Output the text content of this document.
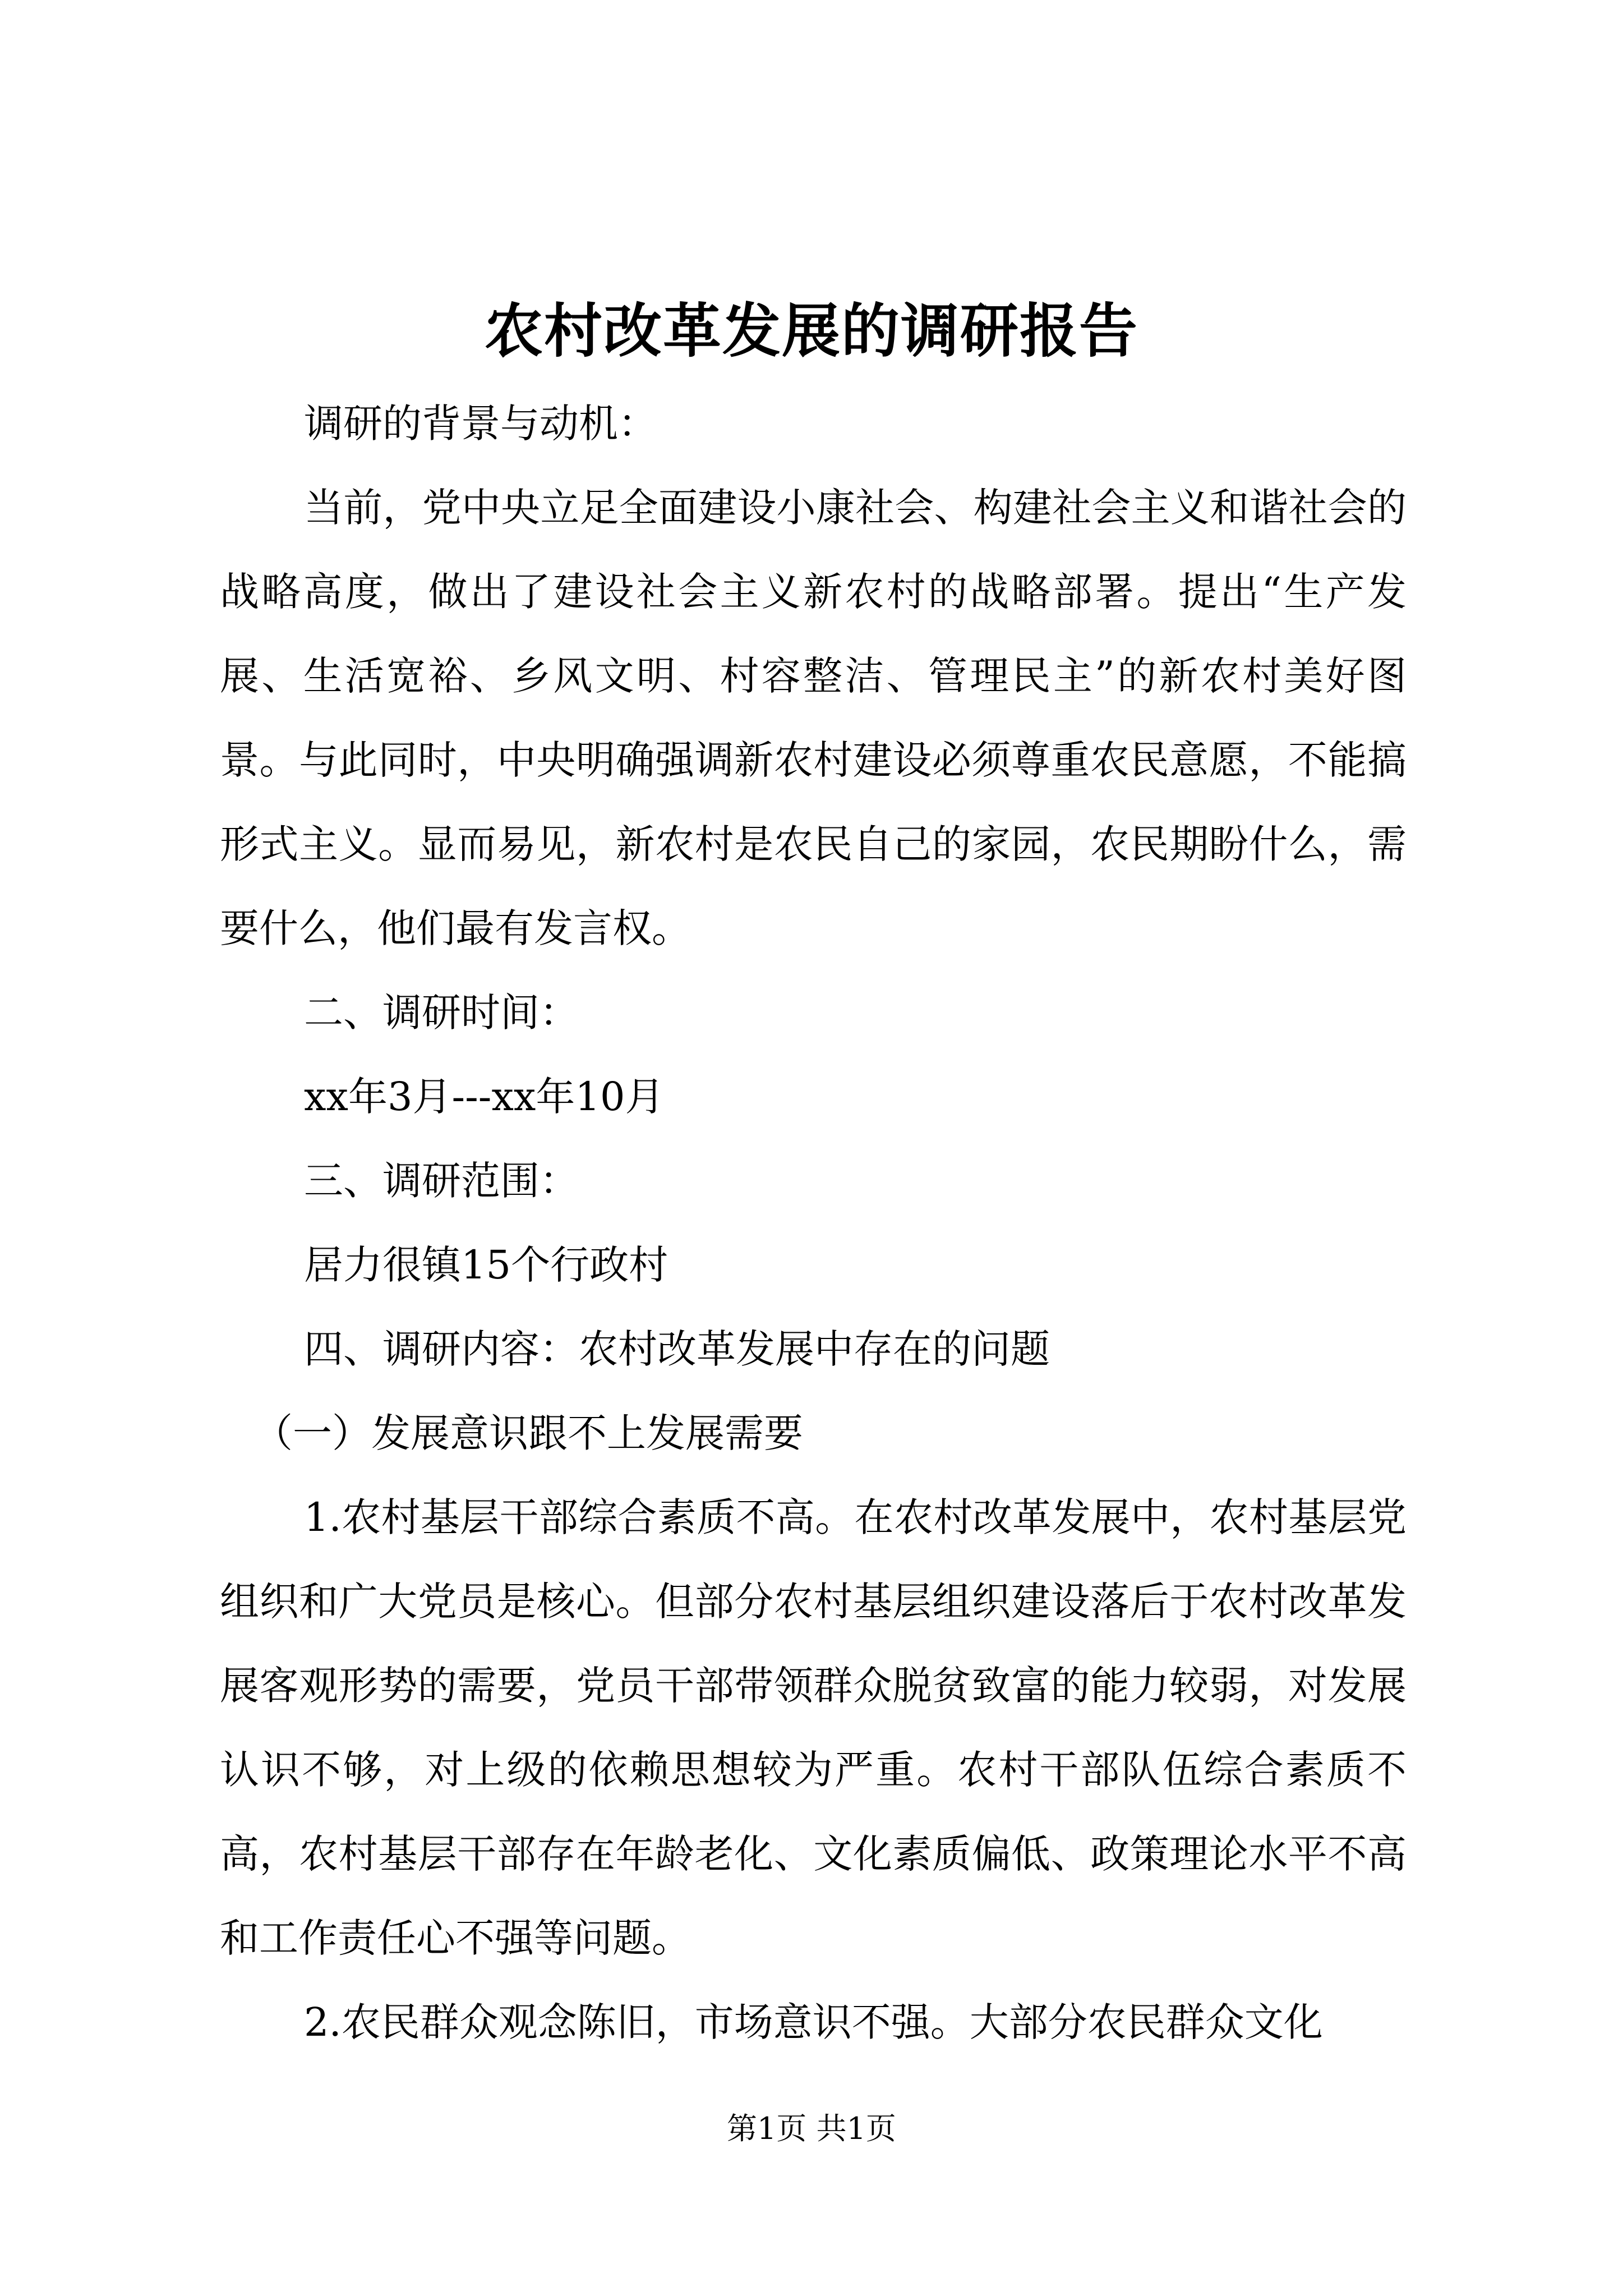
农村改革发展的调研报告

调研的背景与动机：

当前，党中央立足全面建设小康社会、构建社会主义和谐社会的战略高度，做出了建设社会主义新农村的战略部署。提出“生产发展、生活宽裕、乡风文明、村容整洁、管理民主”的新农村美好图景。与此同时，中央明确强调新农村建设必须尊重农民意愿，不能搞形式主义。显而易见，新农村是农民自己的家园，农民期盼什么，需要什么，他们最有发言权。

二、调研时间：

xx年3月---xx年10月

三、调研范围：

居力很镇15个行政村

四、调研内容：农村改革发展中存在的问题

（一）发展意识跟不上发展需要

1.农村基层干部综合素质不高。在农村改革发展中，农村基层党组织和广大党员是核心。但部分农村基层组织建设落后于农村改革发展客观形势的需要，党员干部带领群众脱贫致富的能力较弱，对发展认识不够，对上级的依赖思想较为严重。农村干部队伍综合素质不高，农村基层干部存在年龄老化、文化素质偏低、政策理论水平不高和工作责任心不强等问题。

2.农民群众观念陈旧，市场意识不强。大部分农民群众文化

第1页 共1页
